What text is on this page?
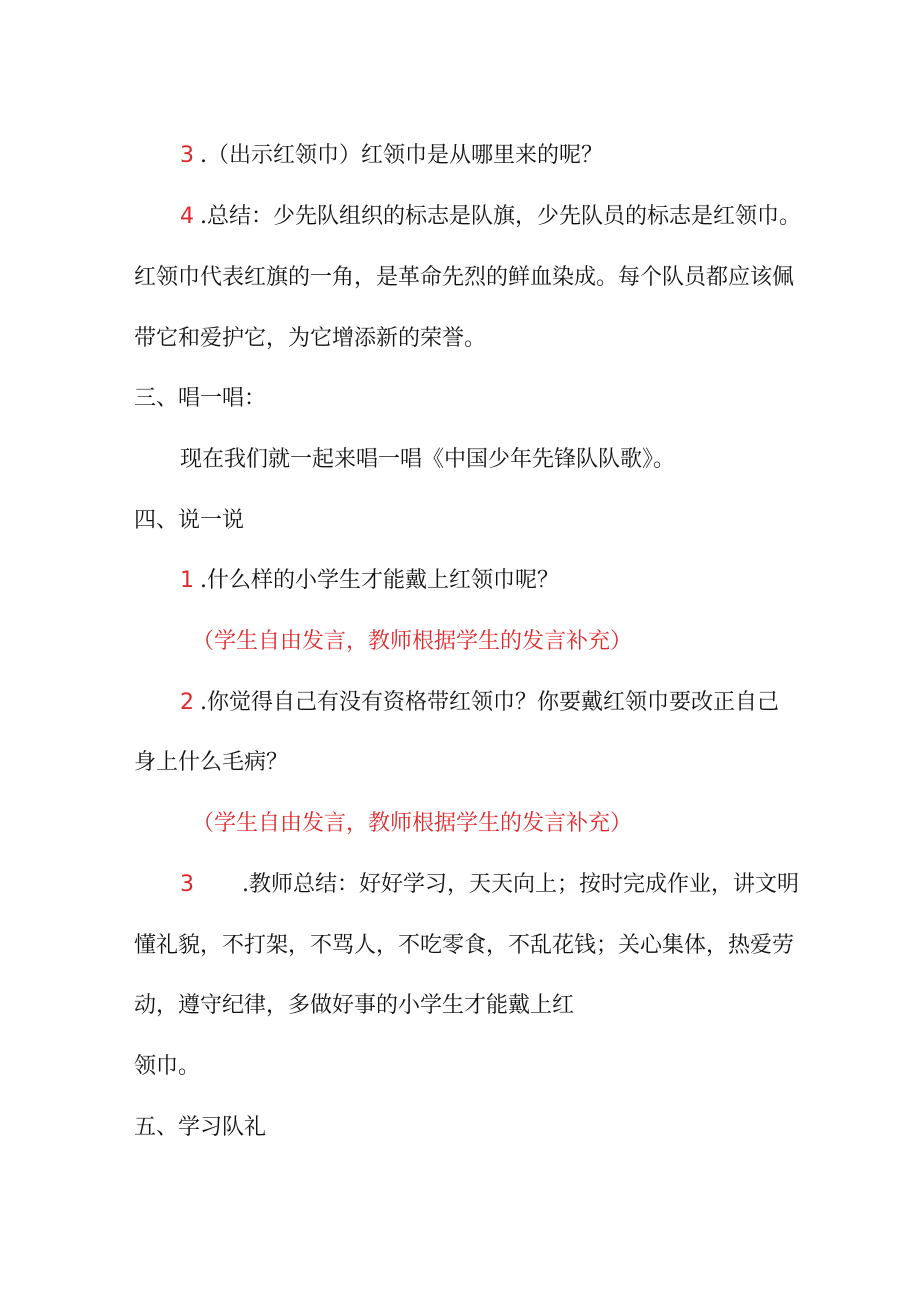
3 .（出示红领巾）红领巾是从哪里来的呢？
4 .总结：少先队组织的标志是队旗，少先队员的标志是红领巾。
红领巾代表红旗的一角，是革命先烈的鲜血染成。每个队员都应该佩
带它和爱护它，为它增添新的荣誉。
三、唱一唱：
现在我们就一起来唱一唱《中国少年先锋队队歌》。
四、说一说
1 .什么样的小学生才能戴上红领巾呢？
（学生自由发言，教师根据学生的发言补充）
2 .你觉得自己有没有资格带红领巾？你要戴红领巾要改正自己
身上什么毛病？
（学生自由发言，教师根据学生的发言补充）
3 .教师总结：好好学习，天天向上；按时完成作业，讲文明
懂礼貌，不打架，不骂人，不吃零食，不乱花钱；关心集体，热爱劳
动，遵守纪律，多做好事的小学生才能戴上红
领巾。
五、学习队礼
